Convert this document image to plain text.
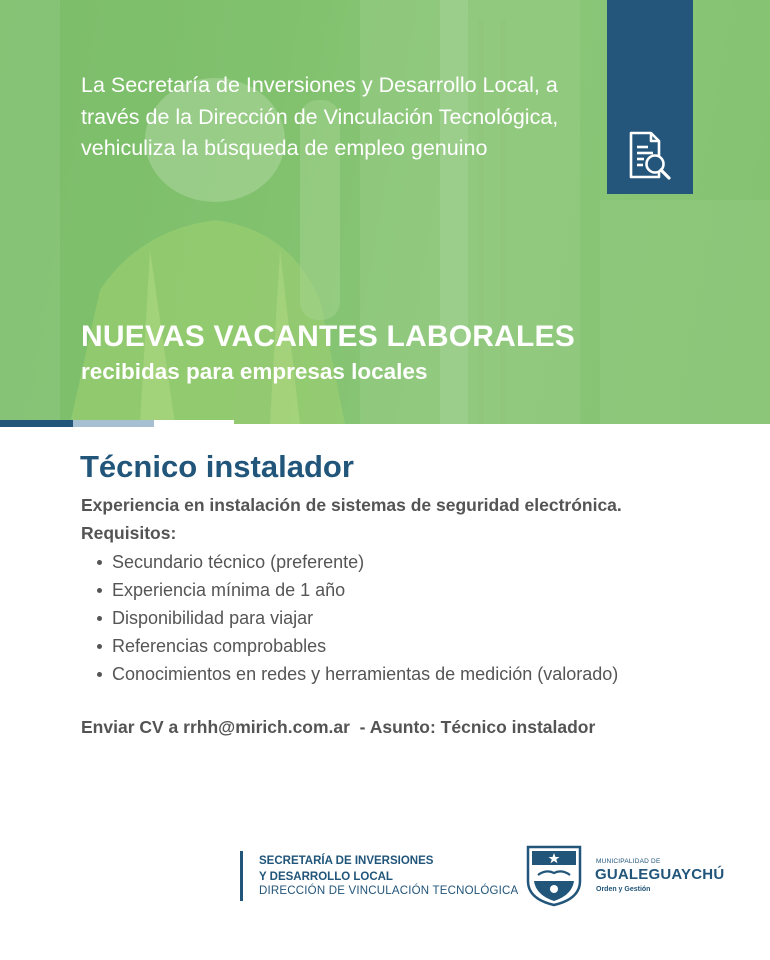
La Secretaría de Inversiones y Desarrollo Local, a través de la Dirección de Vinculación Tecnológica, vehiculiza la búsqueda de empleo genuino

NUEVAS VACANTES LABORALES
recibidas para empresas locales
Técnico instalador

Experiencia en instalación de sistemas de seguridad electrónica.

Requisitos:

Secundario técnico (preferente)
Experiencia mínima de 1 año
Disponibilidad para viajar
Referencias comprobables
Conocimientos en redes y herramientas de medición (valorado)

Enviar CV a rrhh@mirich.com.ar  - Asunto: Técnico instalador

SECRETARÍA DE INVERSIONES
Y DESARROLLO LOCAL

DIRECCIÓN DE VINCULACIÓN TECNOLÓGICA

MUNICIPALIDAD DE

GUALEGUAYCHÚ

Orden y Gestión
